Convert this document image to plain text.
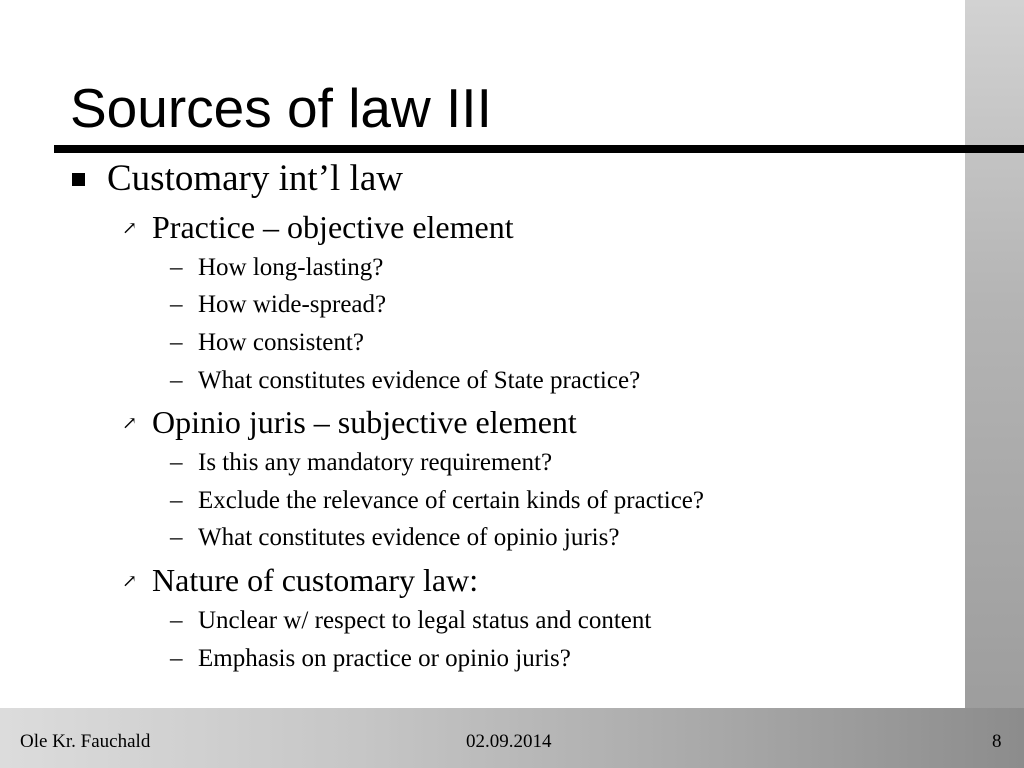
Sources of law III
Customary int’l law
↗ Practice – objective element
– How long-lasting?
– How wide-spread?
– How consistent?
– What constitutes evidence of State practice?
↗ Opinio juris – subjective element
– Is this any mandatory requirement?
– Exclude the relevance of certain kinds of practice?
– What constitutes evidence of opinio juris?
↗ Nature of customary law:
– Unclear w/ respect to legal status and content
– Emphasis on practice or opinio juris?
Ole Kr. Fauchald	02.09.2014	8
